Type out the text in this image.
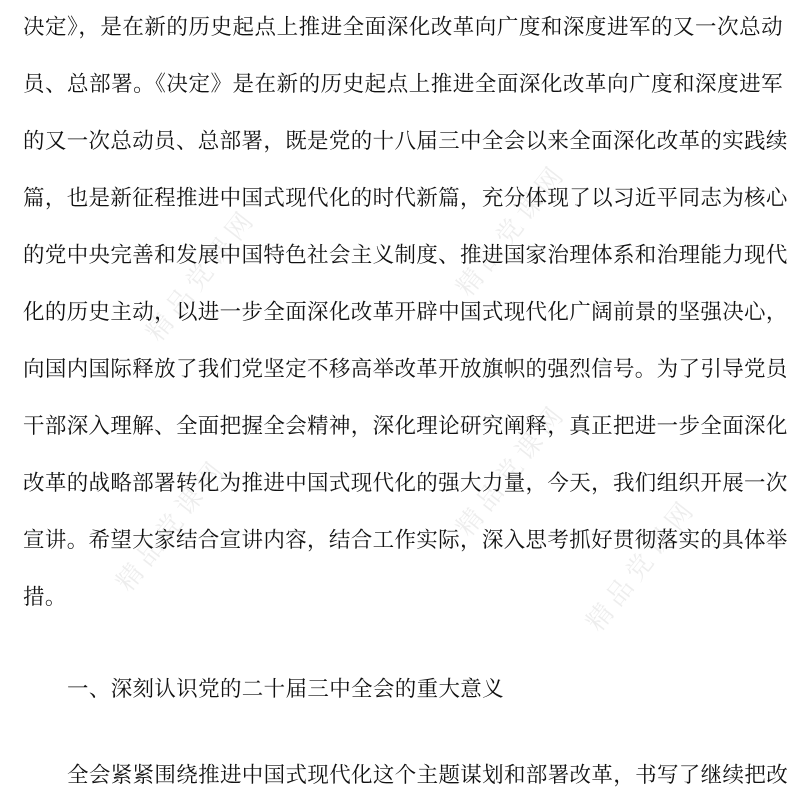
精品党课网	精品党课网
精品党课网	精品党课网
精品党课网
决定》，是在新的历史起点上推进全面深化改革向广度和深度进军的又一次总动
员、总部署。《决定》是在新的历史起点上推进全面深化改革向广度和深度进军
的又一次总动员、总部署，既是党的十八届三中全会以来全面深化改革的实践续
篇，也是新征程推进中国式现代化的时代新篇，充分体现了以习近平同志为核心
的党中央完善和发展中国特色社会主义制度、推进国家治理体系和治理能力现代
化的历史主动，以进一步全面深化改革开辟中国式现代化广阔前景的坚强决心，
向国内国际释放了我们党坚定不移高举改革开放旗帜的强烈信号。为了引导党员
干部深入理解、全面把握全会精神，深化理论研究阐释，真正把进一步全面深化
改革的战略部署转化为推进中国式现代化的强大力量，今天，我们组织开展一次
宣讲。希望大家结合宣讲内容，结合工作实际，深入思考抓好贯彻落实的具体举
措。
一、深刻认识党的二十届三中全会的重大意义
全会紧紧围绕推进中国式现代化这个主题谋划和部署改革，书写了继续把改
